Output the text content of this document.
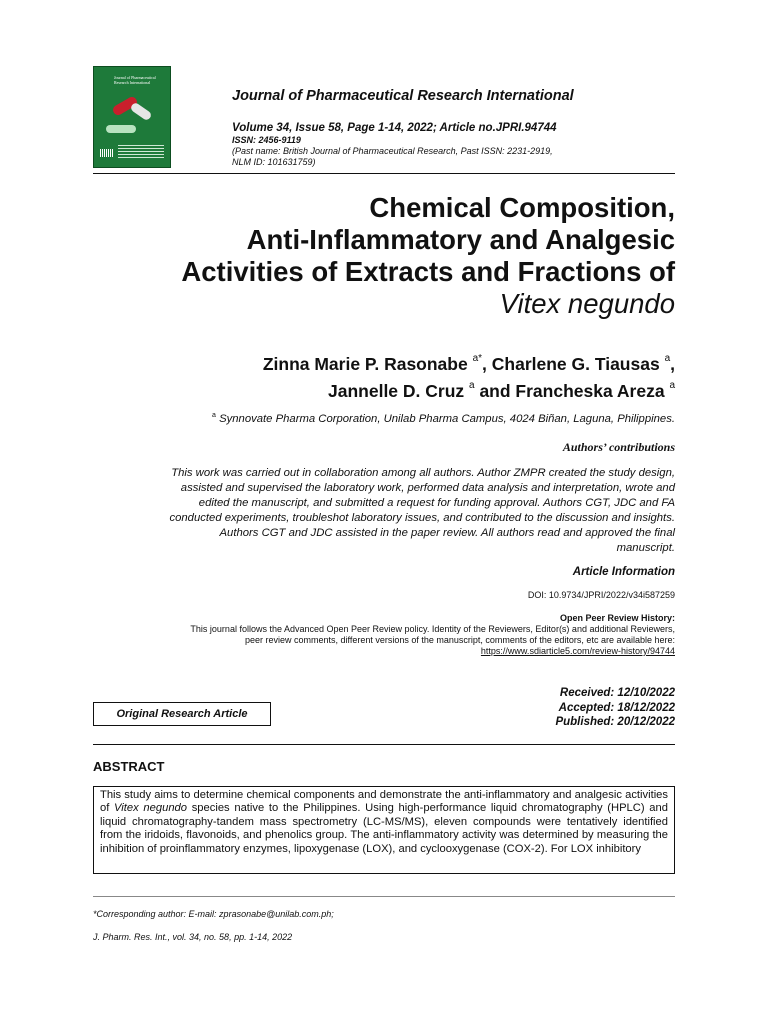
Journal of Pharmaceutical
Research International
Journal of Pharmaceutical Research International
Volume 34, Issue 58, Page 1-14, 2022; Article no.JPRI.94744
ISSN: 2456-9119
(Past name: British Journal of Pharmaceutical Research, Past ISSN: 2231-2919,
NLM ID: 101631759)
Chemical Composition,
Anti-Inflammatory and Analgesic
Activities of Extracts and Fractions of
Vitex negundo
Zinna Marie P. Rasonabe $^{a*}$, Charlene G. Tiausas $^a$,
Jannelle D. Cruz $^a$ and Francheska Areza $^a$
$^a$ Synnovate Pharma Corporation, Unilab Pharma Campus, 4024 Biñan, Laguna, Philippines.
Authors’ contributions
This work was carried out in collaboration among all authors. Author ZMPR created the study design,
assisted and supervised the laboratory work, performed data analysis and interpretation, wrote and
edited the manuscript, and submitted a request for funding approval. Authors CGT, JDC and FA
conducted experiments, troubleshot laboratory issues, and contributed to the discussion and insights.
Authors CGT and JDC assisted in the paper review. All authors read and approved the final
manuscript.
Article Information
DOI: 10.9734/JPRI/2022/v34i587259
Open Peer Review History:
This journal follows the Advanced Open Peer Review policy. Identity of the Reviewers, Editor(s) and additional Reviewers,
peer review comments, different versions of the manuscript, comments of the editors, etc are available here:
https://www.sdiarticle5.com/review-history/94744
Original Research Article
Received: 12/10/2022
Accepted: 18/12/2022
Published: 20/12/2022
ABSTRACT
This study aims to determine chemical components and demonstrate the anti-inflammatory and analgesic activities of Vitex negundo species native to the Philippines. Using high-performance liquid chromatography (HPLC) and liquid chromatography-tandem mass spectrometry (LC-MS/MS), eleven compounds were tentatively identified from the iridoids, flavonoids, and phenolics group. The anti-inflammatory activity was determined by measuring the inhibition of proinflammatory enzymes, lipoxygenase (LOX), and cyclooxygenase (COX-2). For LOX inhibitory
*Corresponding author: E-mail: zprasonabe@unilab.com.ph;
J. Pharm. Res. Int., vol. 34, no. 58, pp. 1-14, 2022
